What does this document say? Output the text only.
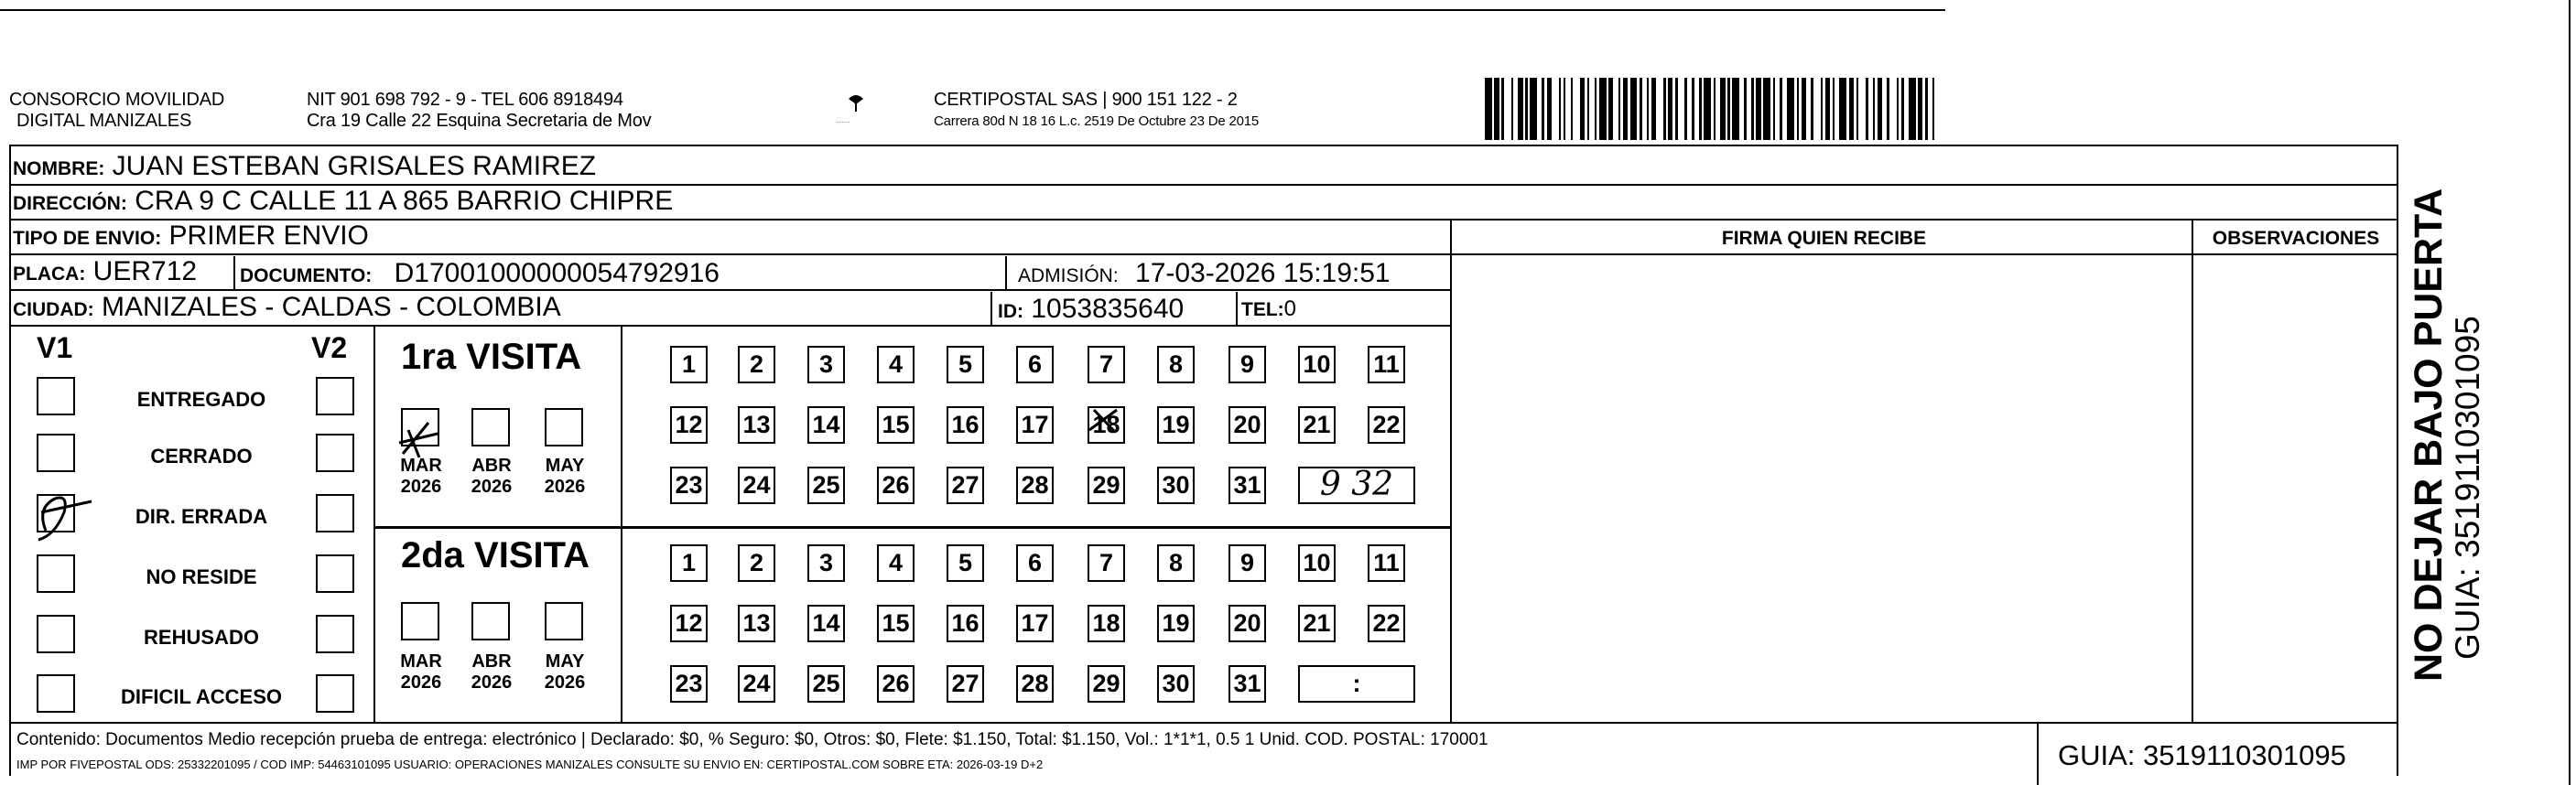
CONSORCIO MOVILIDAD
DIGITAL MANIZALES
NIT 901 698 792 - 9 - TEL 606 8918494
Cra 19 Calle 22 Esquina Secretaria de Mov	.......
CERTIPOSTAL SAS | 900 151 122 - 2
Carrera 80d N 18 16 L.c. 2519 De Octubre 23 De 2015
NOMBRE: JUAN ESTEBAN GRISALES RAMIREZ
DIRECCIÓN: CRA 9 C CALLE 11 A 865 BARRIO CHIPRE
TIPO DE ENVIO: PRIMER ENVIO	FIRMA QUIEN RECIBE	OBSERVACIONES
PLACA: UER712	DOCUMENTO: D17001000000054792916	ADMISIÓN: 17-03-2026 15:19:51
CIUDAD: MANIZALES - CALDAS - COLOMBIA	ID: 1053835640	TEL:0
V1	V2
ENTREGADO
CERRADO
DIR. ERRADA
NO RESIDE
REHUSADO
DIFICIL ACCESO
1ra VISITA
2da VISITA
MAR
2026
ABR
2026
MAY
2026
MAR
2026
ABR
2026
MAY
2026
1	2	3	4	5	6	7	8	9	10 11
12 13 14 15 16 17 18 19 20 21 22
23 24 25 26 27 28 29 30 31	9 32
1	2	3	4	5	6	7	8	9	10 11
12 13 14 15 16 17 18 19 20 21 22
23 24 25 26 27 28 29 30 31	:
Contenido: Documentos Medio recepción prueba de entrega: electrónico | Declarado: $0, % Seguro: $0, Otros: $0, Flete: $1.150, Total: $1.150, Vol.: 1*1*1, 0.5 1 Unid. COD. POSTAL: 170001
IMP POR FIVEPOSTAL ODS: 25332201095 / COD IMP: 54463101095 USUARIO: OPERACIONES MANIZALES CONSULTE SU ENVIO EN: CERTIPOSTAL.COM SOBRE ETA: 2026-03-19 D+2	GUIA: 3519110301095
NO DEJAR BAJO PUERTA
GUIA: 3519110301095
